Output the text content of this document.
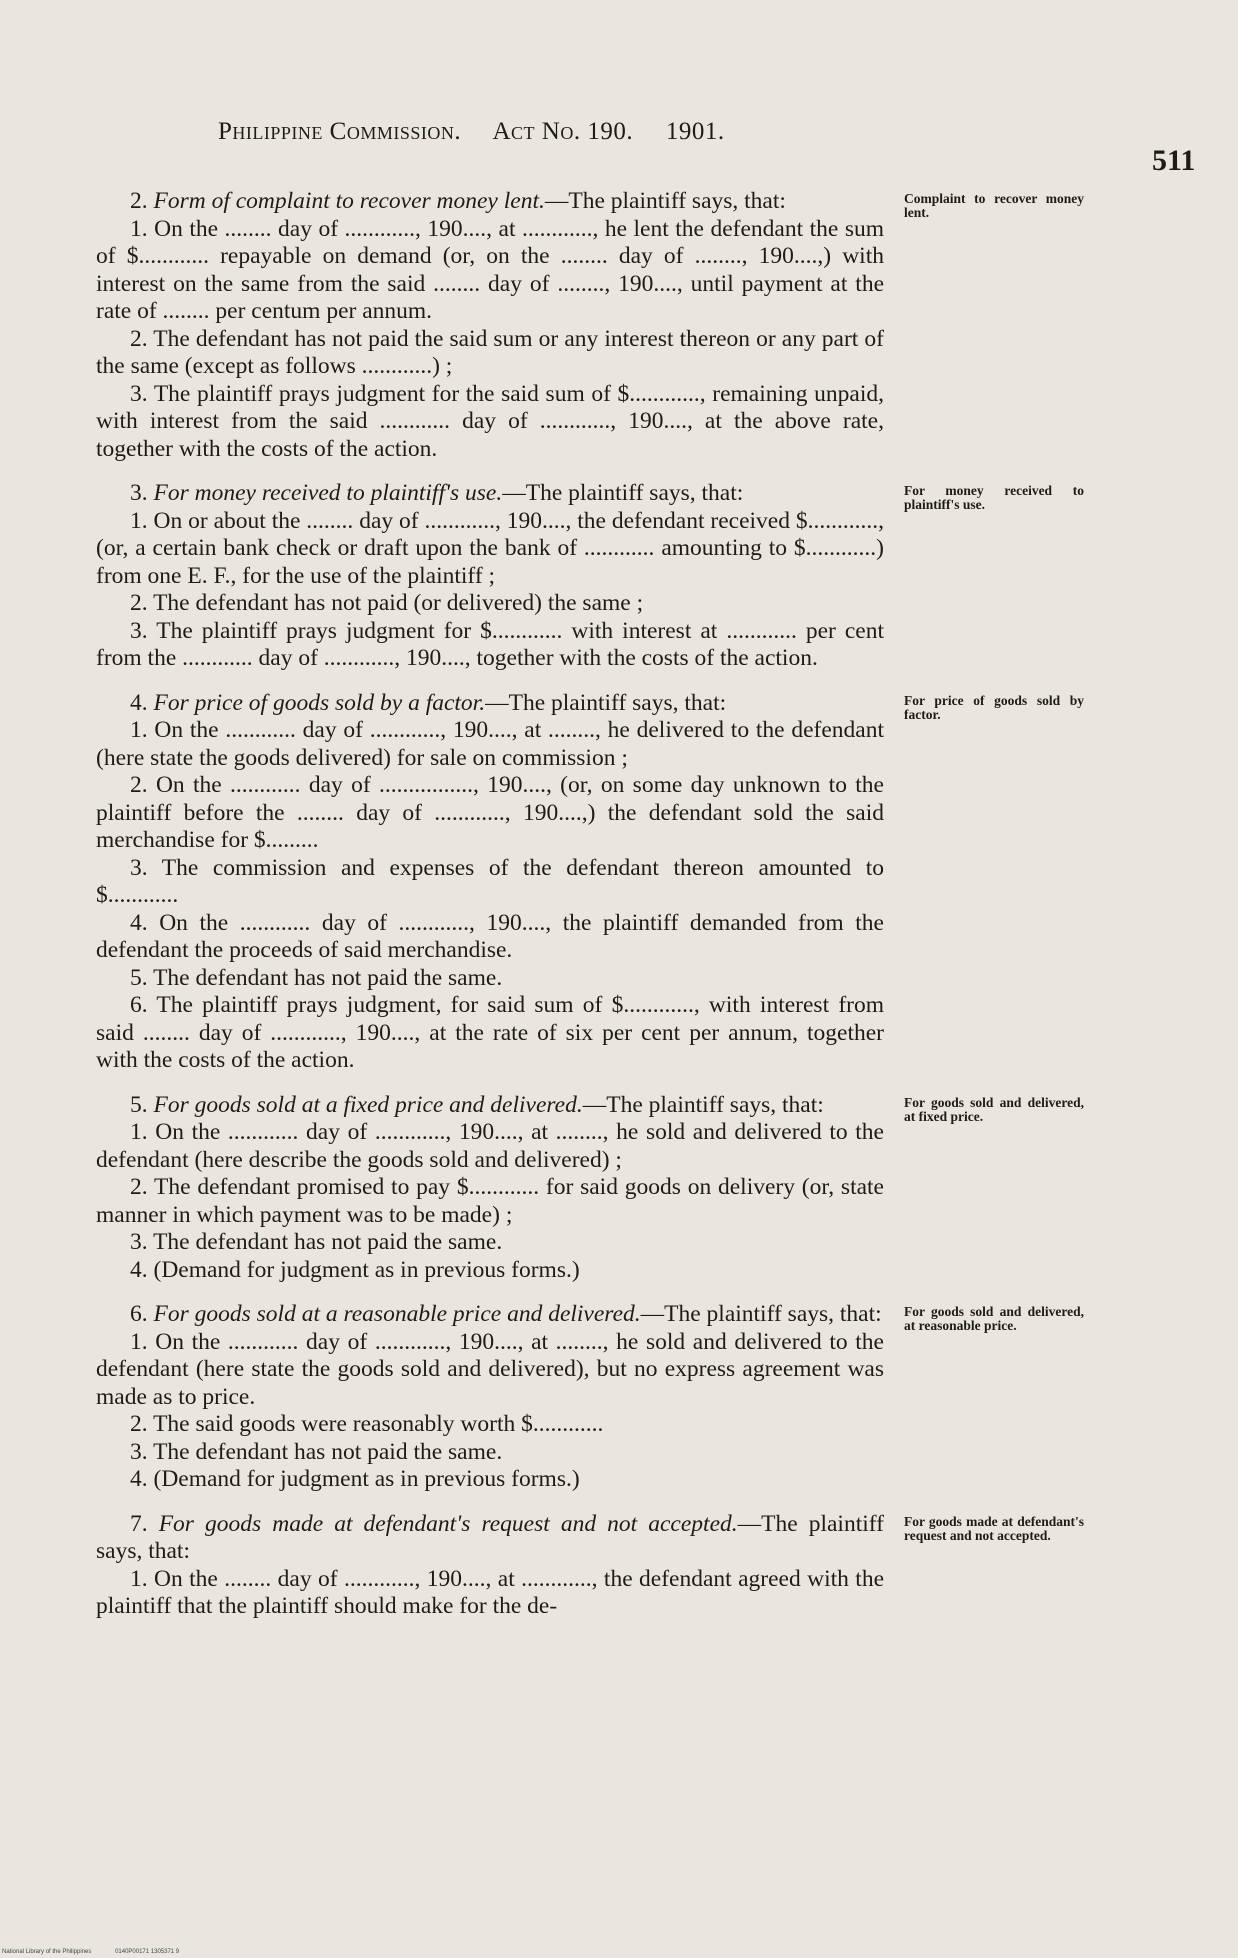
Philippine Commission. Act No. 190. 1901.
511

2. Form of complaint to recover money lent.—The plaintiff says, that:

1. On the ........ day of ............, 190...., at ............, he lent the defendant the sum of $............ repayable on demand (or, on the ........ day of ........, 190....,) with interest on the same from the said ........ day of ........, 190...., until payment at the rate of ........ per centum per annum.

2. The defendant has not paid the said sum or any interest thereon or any part of the same (except as follows ............) ;

3. The plaintiff prays judgment for the said sum of $............, remaining unpaid, with interest from the said ............ day of ............, 190...., at the above rate, together with the costs of the action.

3. For money received to plaintiff's use.—The plaintiff says, that:

1. On or about the ........ day of ............, 190...., the defendant received $............, (or, a certain bank check or draft upon the bank of ............ amounting to $............) from one E. F., for the use of the plaintiff ;

2. The defendant has not paid (or delivered) the same ;

3. The plaintiff prays judgment for $............ with interest at ............ per cent from the ............ day of ............, 190...., together with the costs of the action.

4. For price of goods sold by a factor.—The plaintiff says, that:

1. On the ............ day of ............, 190...., at ........, he delivered to the defendant (here state the goods delivered) for sale on commission ;

2. On the ............ day of ................, 190...., (or, on some day unknown to the plaintiff before the ........ day of ............, 190....,) the defendant sold the said merchandise for $.........

3. The commission and expenses of the defendant thereon amounted to $............

4. On the ............ day of ............, 190...., the plaintiff demanded from the defendant the proceeds of said merchandise.

5. The defendant has not paid the same.

6. The plaintiff prays judgment, for said sum of $............, with interest from said ........ day of ............, 190...., at the rate of six per cent per annum, together with the costs of the action.

5. For goods sold at a fixed price and delivered.—The plaintiff says, that:

1. On the ............ day of ............, 190...., at ........, he sold and delivered to the defendant (here describe the goods sold and delivered) ;

2. The defendant promised to pay $............ for said goods on delivery (or, state manner in which payment was to be made) ;

3. The defendant has not paid the same.

4. (Demand for judgment as in previous forms.)

6. For goods sold at a reasonable price and delivered.—The plaintiff says, that:

1. On the ............ day of ............, 190...., at ........, he sold and delivered to the defendant (here state the goods sold and delivered), but no express agreement was made as to price.

2. The said goods were reasonably worth $............

3. The defendant has not paid the same.

4. (Demand for judgment as in previous forms.)

7. For goods made at defendant's request and not accepted.—The plaintiff says, that:

1. On the ........ day of ............, 190...., at ............, the defendant agreed with the plaintiff that the plaintiff should make for the de-

Complaint to recover money lent.
For money received to plaintiff's use.
For price of goods sold by factor.
For goods sold and delivered, at fixed price.
For goods sold and delivered, at reasonable price.
For goods made at defendant's request and not accepted.
National Library of the Philippines	0140P00171 1305371 9
